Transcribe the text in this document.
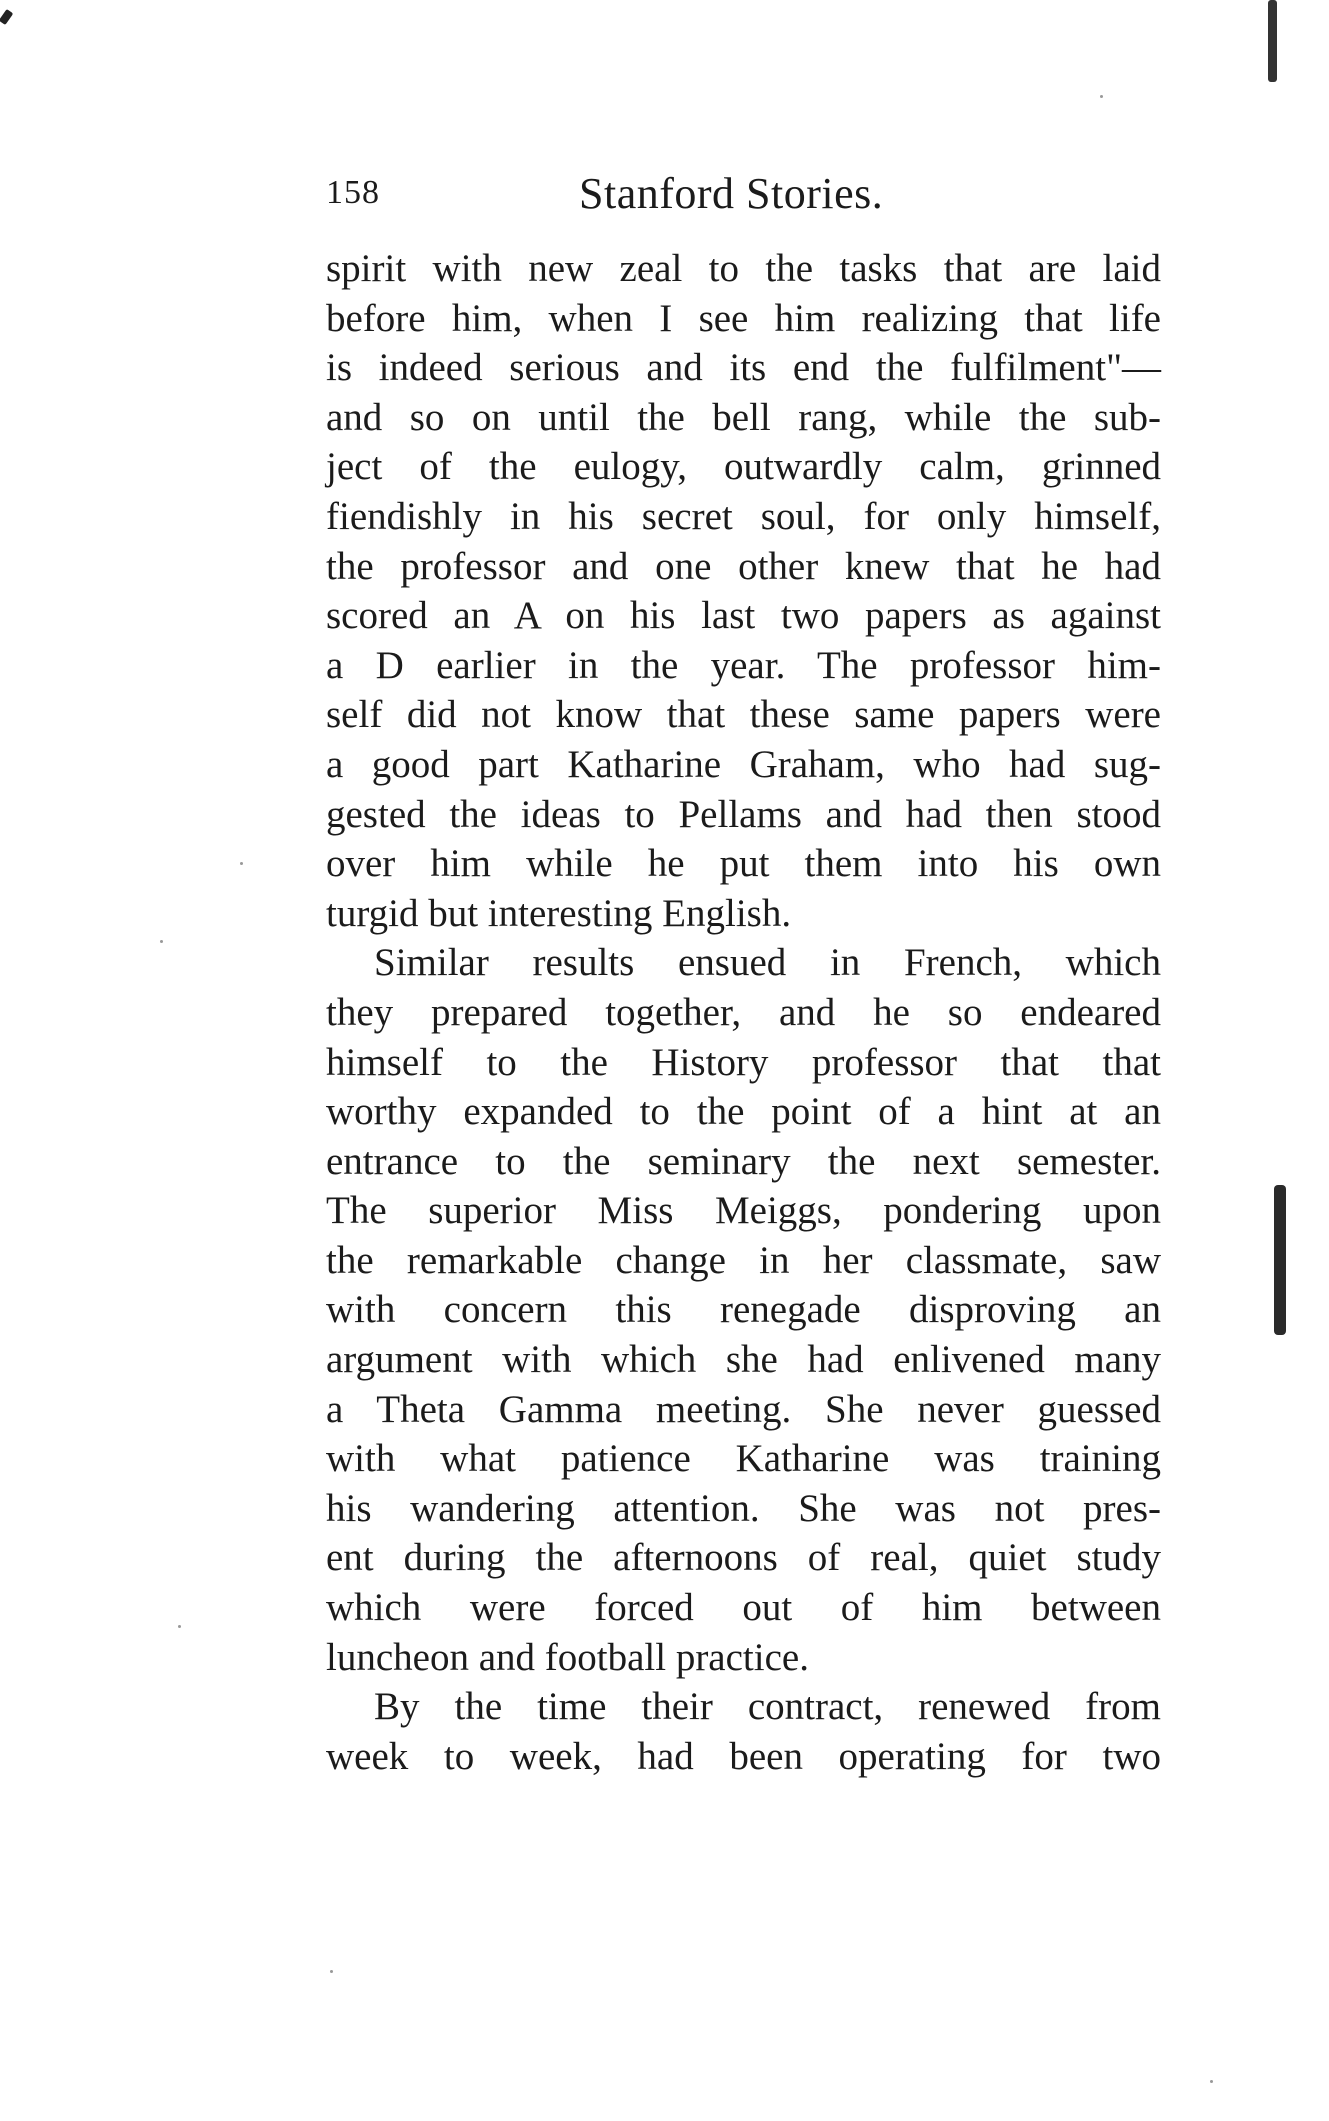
158	Stanford Stories.
spirit with new zeal to the tasks that are laid
before him, when I see him realizing that life
is indeed serious and its end the fulfilment"—
and so on until the bell rang, while the sub-
ject of the eulogy, outwardly calm, grinned
fiendishly in his secret soul, for only himself,
the professor and one other knew that he had
scored an A on his last two papers as against
a D earlier in the year. The professor him-
self did not know that these same papers were
a good part Katharine Graham, who had sug-
gested the ideas to Pellams and had then stood
over him while he put them into his own
turgid but interesting English.
Similar results ensued in French, which
they prepared together, and he so endeared
himself to the History professor that that
worthy expanded to the point of a hint at an
entrance to the seminary the next semester.
The superior Miss Meiggs, pondering upon
the remarkable change in her classmate, saw
with concern this renegade disproving an
argument with which she had enlivened many
a Theta Gamma meeting. She never guessed
with what patience Katharine was training
his wandering attention. She was not pres-
ent during the afternoons of real, quiet study
which were forced out of him between
luncheon and football practice.
By the time their contract, renewed from
week to week, had been operating for two
